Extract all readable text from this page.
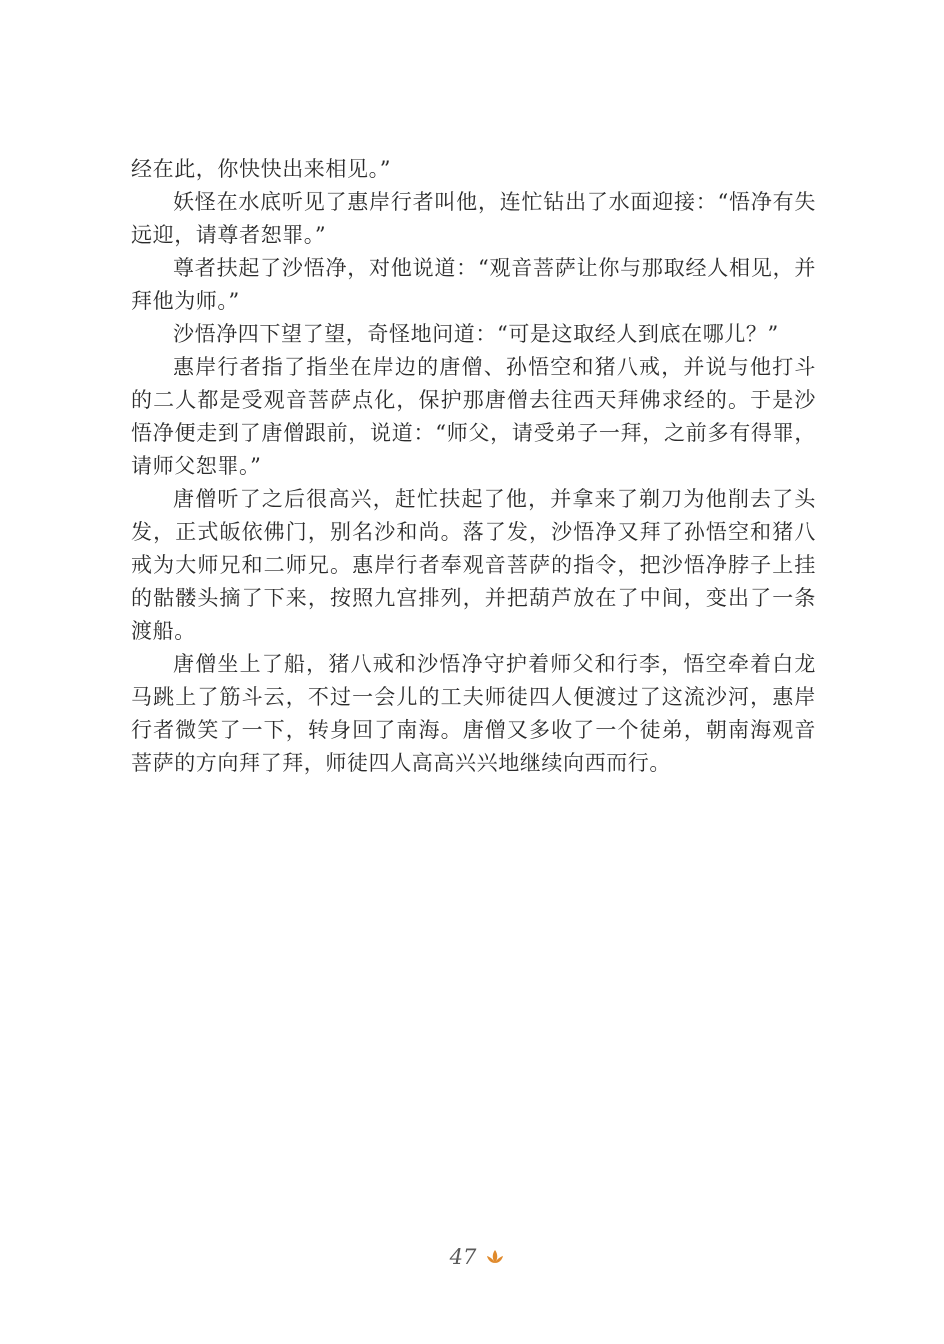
经在此，你快快出来相见。”

妖怪在水底听见了惠岸行者叫他，连忙钻出了水面迎接：“悟净有失远迎，请尊者恕罪。”

尊者扶起了沙悟净，对他说道：“观音菩萨让你与那取经人相见，并拜他为师。”

沙悟净四下望了望，奇怪地问道：“可是这取经人到底在哪儿？”

惠岸行者指了指坐在岸边的唐僧、孙悟空和猪八戒，并说与他打斗的二人都是受观音菩萨点化，保护那唐僧去往西天拜佛求经的。于是沙悟净便走到了唐僧跟前，说道：“师父，请受弟子一拜，之前多有得罪，请师父恕罪。”

唐僧听了之后很高兴，赶忙扶起了他，并拿来了剃刀为他削去了头发，正式皈依佛门，别名沙和尚。落了发，沙悟净又拜了孙悟空和猪八戒为大师兄和二师兄。惠岸行者奉观音菩萨的指令，把沙悟净脖子上挂的骷髅头摘了下来，按照九宫排列，并把葫芦放在了中间，变出了一条渡船。

唐僧坐上了船，猪八戒和沙悟净守护着师父和行李，悟空牵着白龙马跳上了筋斗云，不过一会儿的工夫师徒四人便渡过了这流沙河，惠岸行者微笑了一下，转身回了南海。唐僧又多收了一个徒弟，朝南海观音菩萨的方向拜了拜，师徒四人高高兴兴地继续向西而行。

47
